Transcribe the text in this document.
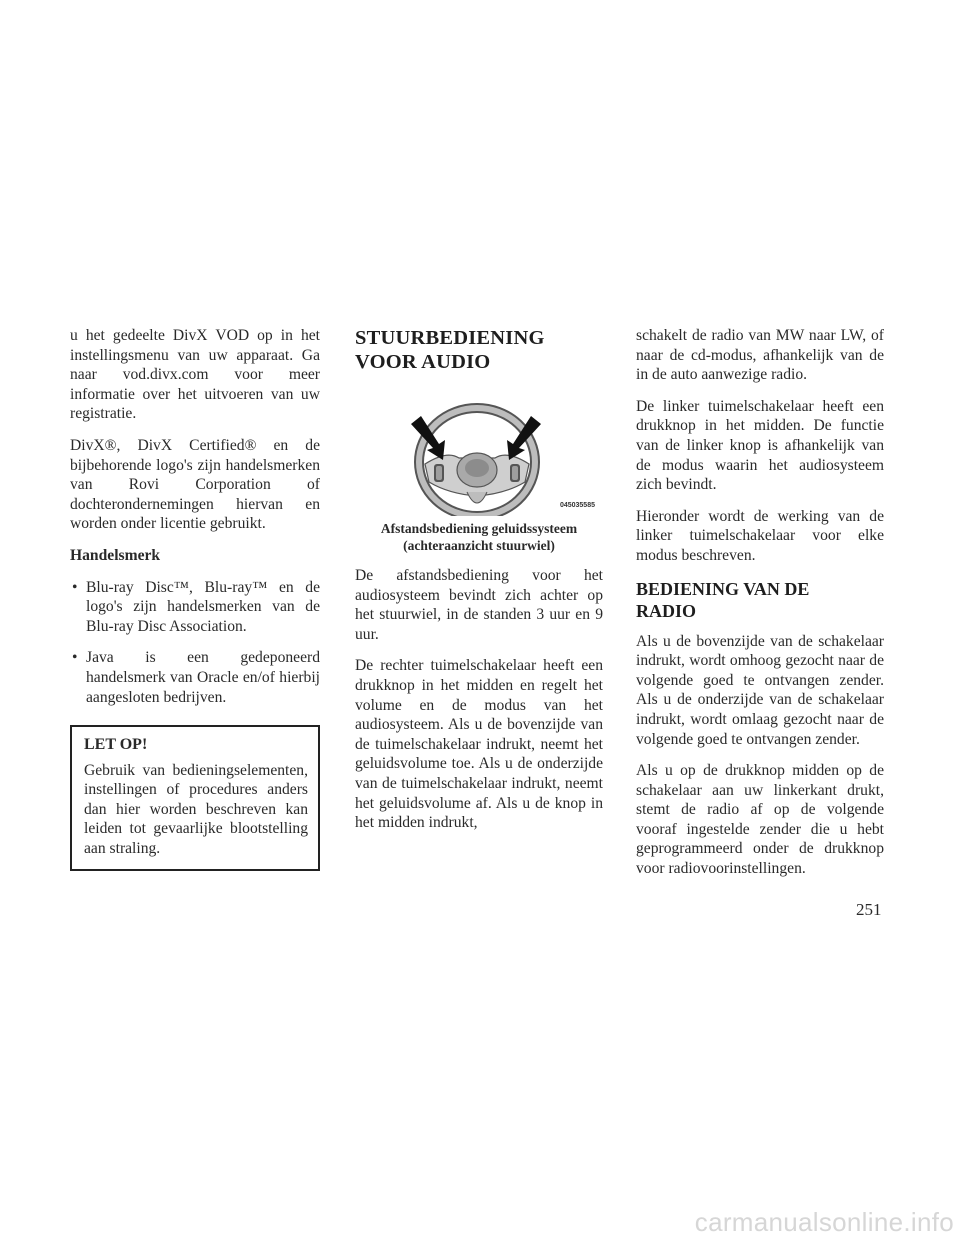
u het gedeelte DivX VOD op in het instellingsmenu van uw apparaat. Ga naar vod.divx.com voor meer informatie over het uitvoeren van uw registratie.

DivX®, DivX Certified® en de bijbehorende logo's zijn handelsmerken van Rovi Corporation of dochterondernemingen hiervan en worden onder licentie gebruikt.

Handelsmerk

• Blu-ray Disc™, Blu-ray™ en de logo's zijn handelsmerken van de Blu-ray Disc Association.
• Java is een gedeponeerd handelsmerk van Oracle en/of hierbij aangesloten bedrijven.
LET OP!

Gebruik van bedieningselementen, instellingen of procedures anders dan hier worden beschreven kan leiden tot gevaarlijke blootstelling aan straling.

STUURBEDIENING
VOOR AUDIO
045035585
Afstandsbediening geluidssysteem
(achteraanzicht stuurwiel)

De afstandsbediening voor het audiosysteem bevindt zich achter op het stuurwiel, in de standen 3 uur en 9 uur.

De rechter tuimelschakelaar heeft een drukknop in het midden en regelt het volume en de modus van het audiosysteem. Als u de bovenzijde van de tuimelschakelaar indrukt, neemt het geluidsvolume toe. Als u de onderzijde van de tuimelschakelaar indrukt, neemt het geluidsvolume af. Als u de knop in het midden indrukt,

schakelt de radio van MW naar LW, of naar de cd-modus, afhankelijk van de in de auto aanwezige radio.

De linker tuimelschakelaar heeft een drukknop in het midden. De functie van de linker knop is afhankelijk van de modus waarin het audiosysteem zich bevindt.

Hieronder wordt de werking van de linker tuimelschakelaar voor elke modus beschreven.

BEDIENING VAN DE
RADIO

Als u de bovenzijde van de schakelaar indrukt, wordt omhoog gezocht naar de volgende goed te ontvangen zender. Als u de onderzijde van de schakelaar indrukt, wordt omlaag gezocht naar de volgende goed te ontvangen zender.

Als u op de drukknop midden op de schakelaar aan uw linkerkant drukt, stemt de radio af op de volgende vooraf ingestelde zender die u hebt geprogrammeerd onder de drukknop voor radiovoorinstellingen.

251
carmanualsonline.info
